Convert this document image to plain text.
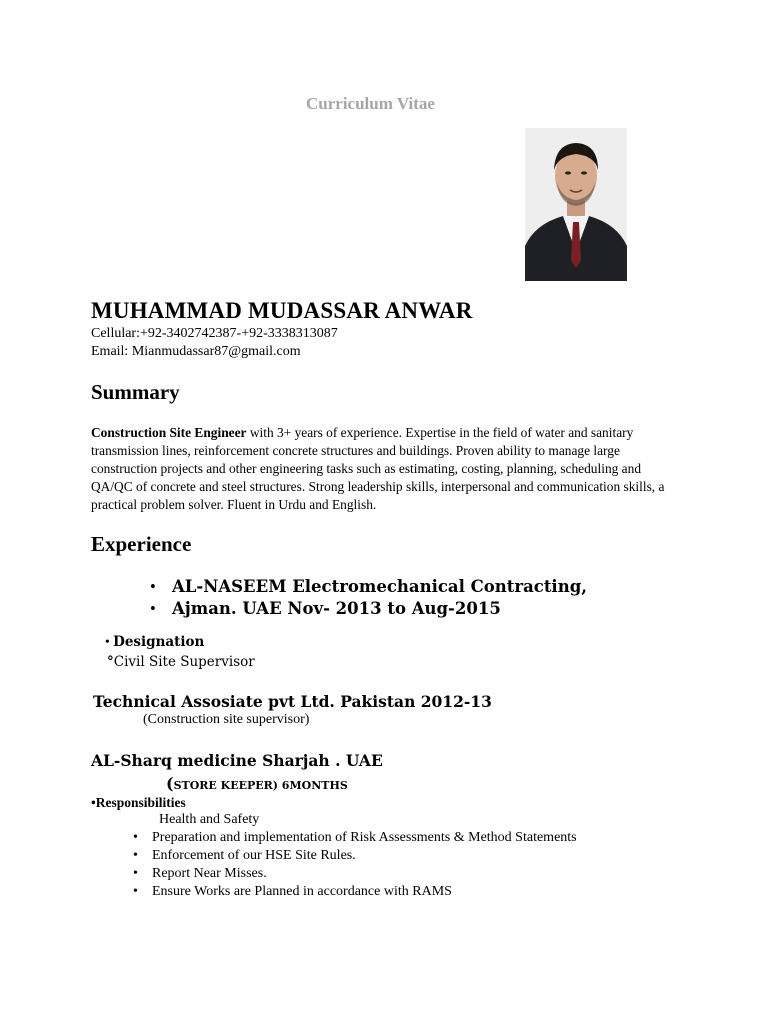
Curriculum Vitae
MUHAMMAD MUDASSAR ANWAR
Cellular:+92-3402742387-+92-3338313087
Email: Mianmudassar87@gmail.com
Summary
Construction Site Engineer with 3+ years of experience. Expertise in the field of water and sanitary transmission lines, reinforcement concrete structures and buildings. Proven ability to manage large construction projects and other engineering tasks such as estimating, costing, planning, scheduling and QA/QC of concrete and steel structures. Strong leadership skills, interpersonal and communication skills, a practical problem solver. Fluent in Urdu and English.
Experience
• AL-NASEEM Electromechanical Contracting,
• Ajman. UAE Nov- 2013 to Aug-2015
• Designation
°Civil Site Supervisor
Technical Assosiate pvt Ltd. Pakistan 2012-13
(Construction site supervisor)
AL-Sharq medicine Sharjah . UAE
(STORE KEEPER) 6MONTHS
•Responsibilities
Health and Safety
• Preparation and implementation of Risk Assessments & Method Statements
• Enforcement of our HSE Site Rules.
• Report Near Misses.
• Ensure Works are Planned in accordance with RAMS
